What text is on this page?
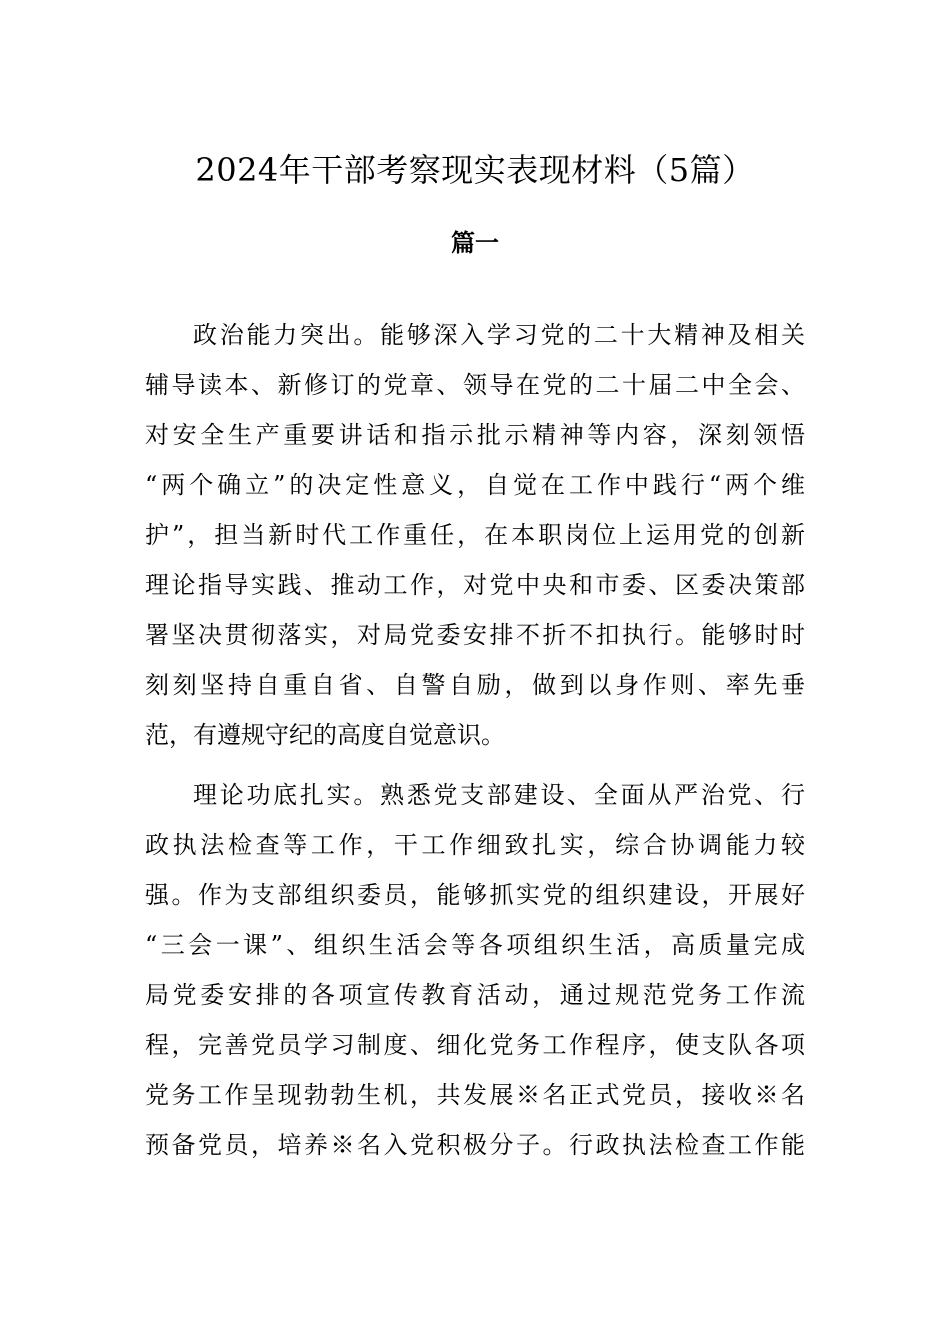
2024年干部考察现实表现材料（5篇）
篇一
政治能力突出。能够深入学习党的二十大精神及相关
辅导读本、新修订的党章、领导在党的二十届二中全会、
对安全生产重要讲话和指示批示精神等内容，深刻领悟
“两个确立”的决定性意义，自觉在工作中践行“两个维
护”，担当新时代工作重任，在本职岗位上运用党的创新
理论指导实践、推动工作，对党中央和市委、区委决策部
署坚决贯彻落实，对局党委安排不折不扣执行。能够时时
刻刻坚持自重自省、自警自励，做到以身作则、率先垂
范，有遵规守纪的高度自觉意识。
理论功底扎实。熟悉党支部建设、全面从严治党、行
政执法检查等工作，干工作细致扎实，综合协调能力较
强。作为支部组织委员，能够抓实党的组织建设，开展好
“三会一课”、组织生活会等各项组织生活，高质量完成
局党委安排的各项宣传教育活动，通过规范党务工作流
程，完善党员学习制度、细化党务工作程序，使支队各项
党务工作呈现勃勃生机，共发展※名正式党员，接收※名
预备党员，培养※名入党积极分子。行政执法检查工作能
